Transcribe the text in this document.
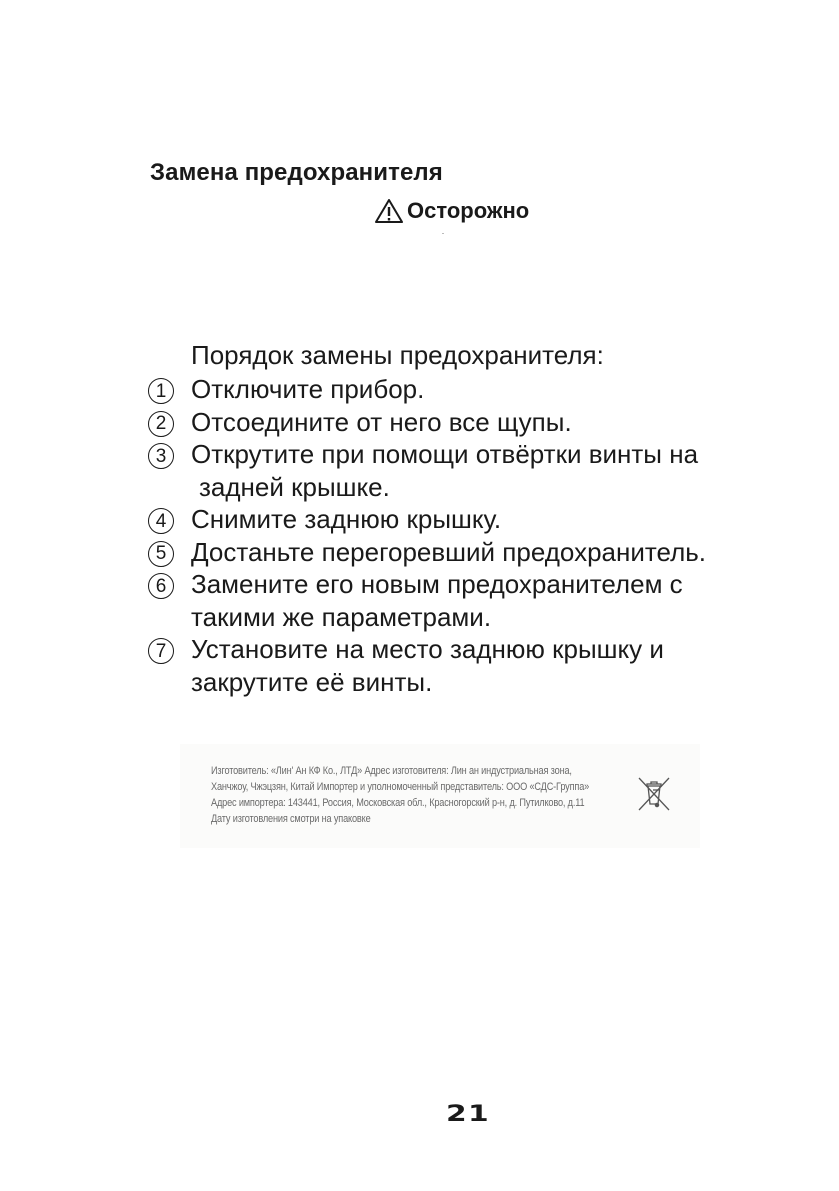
Замена предохранителя
Осторожно
Порядок замены предохранителя:
1 Отключите прибор.
2 Отсоедините от него все щупы.
3 Открутите при помощи отвёртки винты на
задней крышке.
4 Снимите заднюю крышку.
5 Достаньте перегоревший предохранитель.
6 Замените его новым предохранителем с
такими же параметрами.
7 Установите на место заднюю крышку и
закрутите её винты.
Изготовитель: «Лин' Ан КФ Ко., ЛТД» Адрес изготовителя: Лин ан индустриальная зона,
Ханчжоу, Чжэцзян, Китай Импортер и уполномоченный представитель: ООО «СДС-Группа»
Адрес импортера: 143441, Россия, Московская обл., Красногорский р-н, д. Путилково, д.11
Дату изготовления смотри на упаковке
21
